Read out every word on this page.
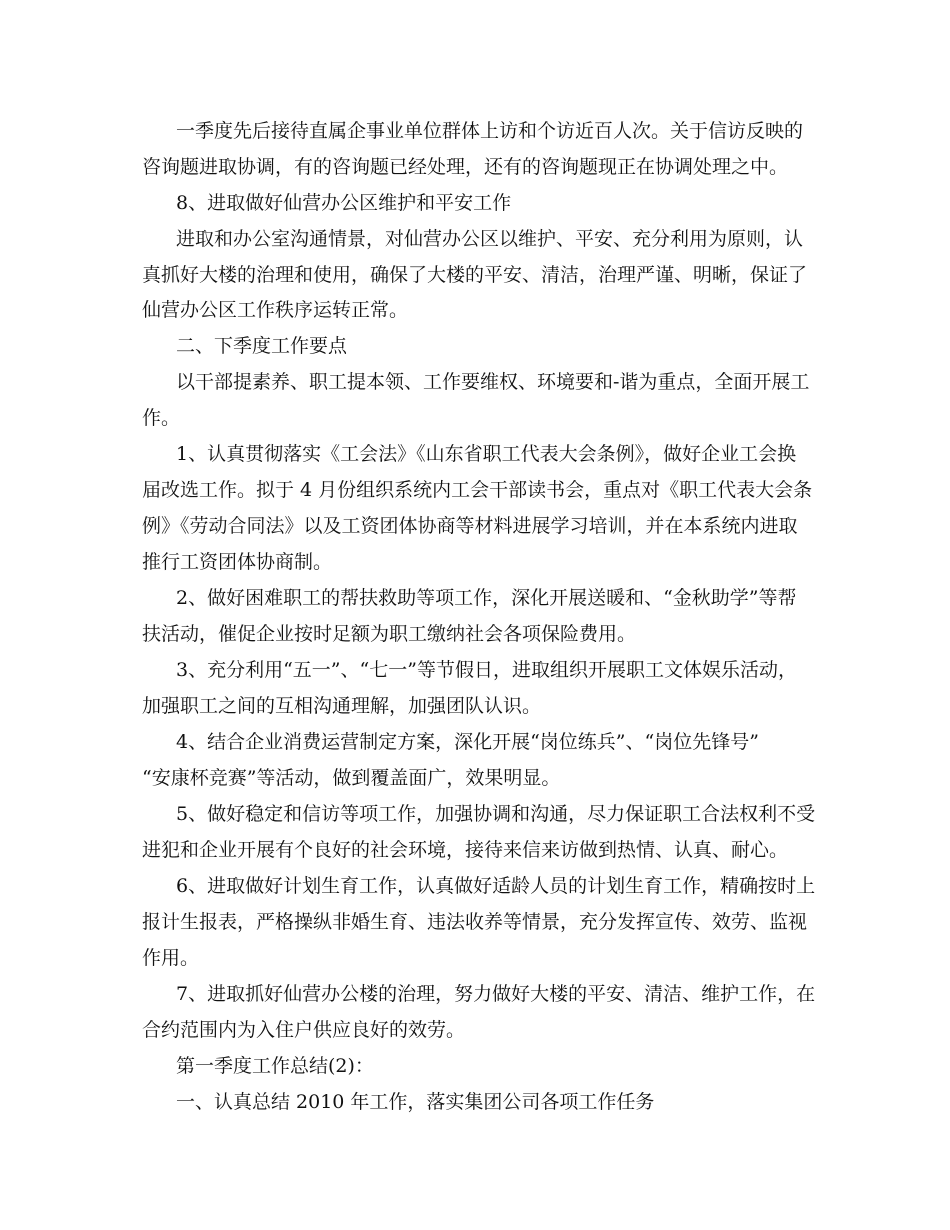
一季度先后接待直属企事业单位群体上访和个访近百人次。关于信访反映的
咨询题进取协调，有的咨询题已经处理，还有的咨询题现正在协调处理之中。
8、进取做好仙营办公区维护和平安工作
进取和办公室沟通情景，对仙营办公区以维护、平安、充分利用为原则，认
真抓好大楼的治理和使用，确保了大楼的平安、清洁，治理严谨、明晰，保证了
仙营办公区工作秩序运转正常。
二、下季度工作要点
以干部提素养、职工提本领、工作要维权、环境要和-谐为重点，全面开展工
作。
1、认真贯彻落实《工会法》《山东省职工代表大会条例》，做好企业工会换
届改选工作。拟于 4 月份组织系统内工会干部读书会，重点对《职工代表大会条
例》《劳动合同法》以及工资团体协商等材料进展学习培训，并在本系统内进取
推行工资团体协商制。
2、做好困难职工的帮扶救助等项工作，深化开展送暖和、“金秋助学”等帮
扶活动，催促企业按时足额为职工缴纳社会各项保险费用。
3、充分利用“五一”、“七一”等节假日，进取组织开展职工文体娱乐活动，
加强职工之间的互相沟通理解，加强团队认识。
4、结合企业消费运营制定方案，深化开展“岗位练兵”、“岗位先锋号”
“安康杯竞赛”等活动，做到覆盖面广，效果明显。
5、做好稳定和信访等项工作，加强协调和沟通，尽力保证职工合法权利不受
进犯和企业开展有个良好的社会环境，接待来信来访做到热情、认真、耐心。
6、进取做好计划生育工作，认真做好适龄人员的计划生育工作，精确按时上
报计生报表，严格操纵非婚生育、违法收养等情景，充分发挥宣传、效劳、监视
作用。
7、进取抓好仙营办公楼的治理，努力做好大楼的平安、清洁、维护工作，在
合约范围内为入住户供应良好的效劳。
第一季度工作总结(2)：
一、认真总结 2010 年工作，落实集团公司各项工作任务
